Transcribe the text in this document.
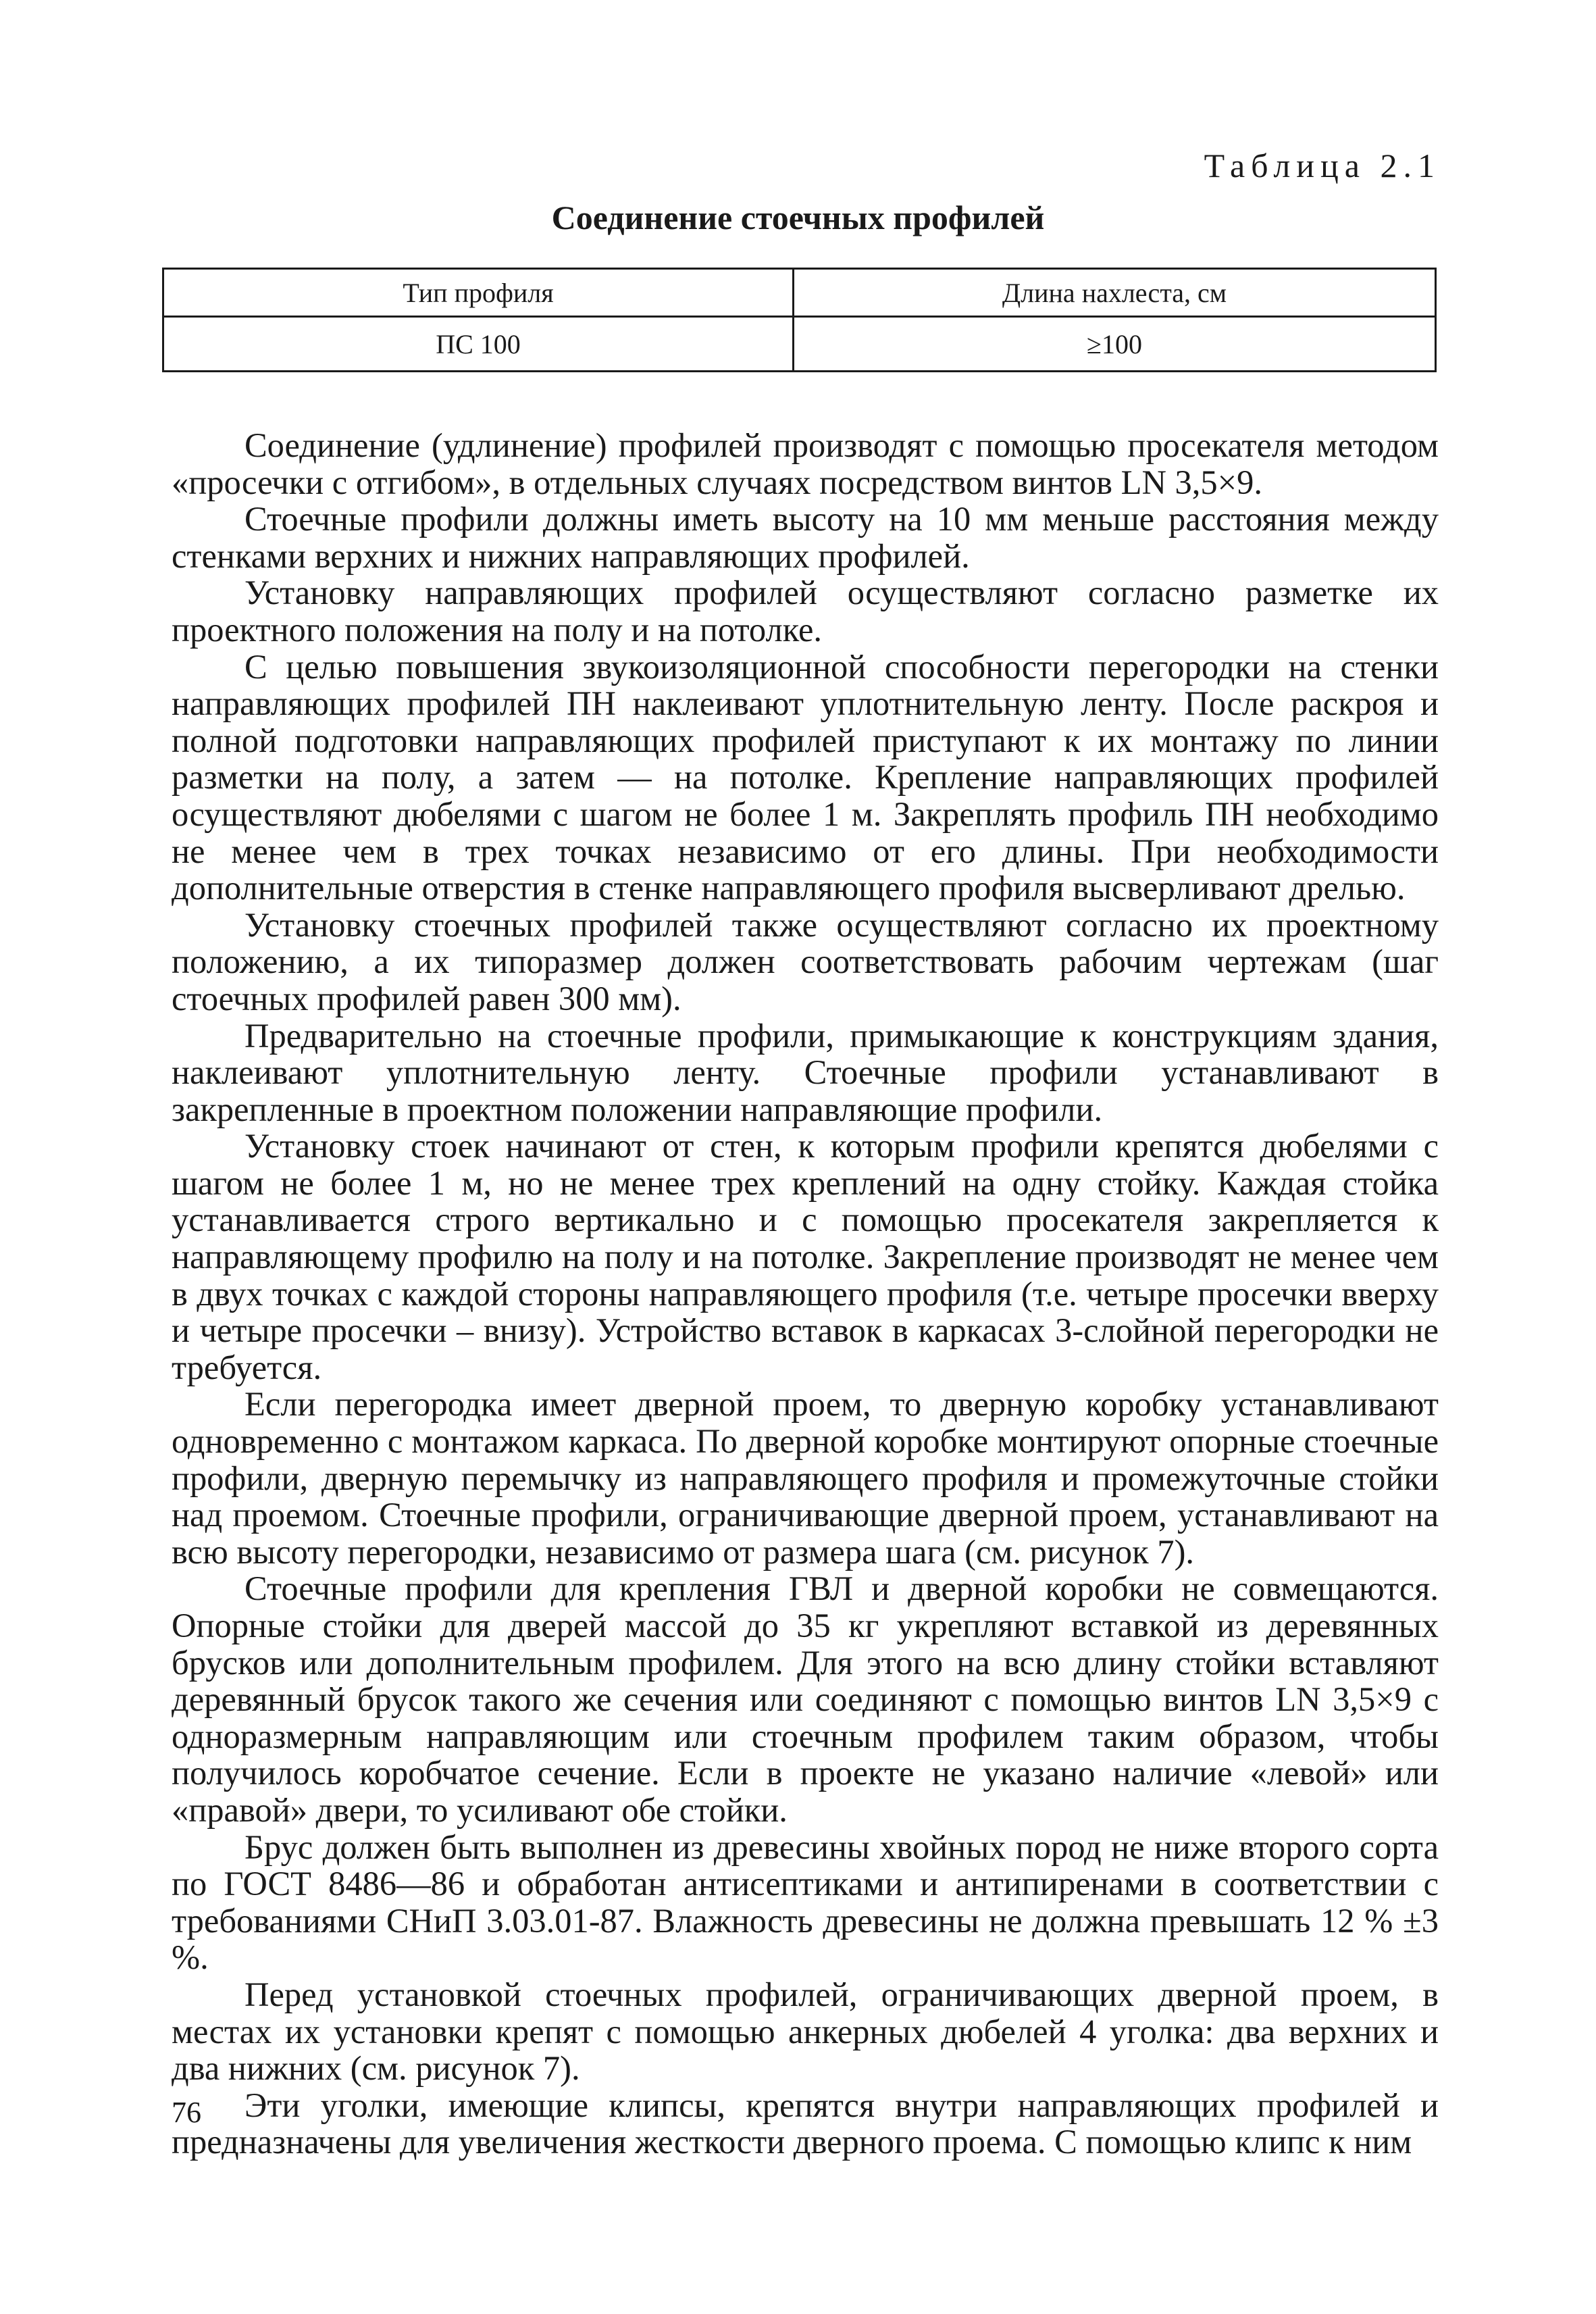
Таблица 2.1
Соединение стоечных профилей
Тип профиля	Длина нахлеста, см
ПС 100	≥100

Соединение (удлинение) профилей производят с помощью просекателя методом «просечки с отгибом», в отдельных случаях посредством винтов LN 3,5×9.

Стоечные профили должны иметь высоту на 10 мм меньше расстояния между стенками верхних и нижних направляющих профилей.

Установку направляющих профилей осуществляют согласно разметке их проектного положения на полу и на потолке.

С целью повышения звукоизоляционной способности перегородки на стенки направляющих профилей ПН наклеивают уплотнительную ленту. После раскроя и полной подготовки направляющих профилей приступают к их монтажу по линии разметки на полу, а затем — на потолке. Крепление направляющих профилей осуществляют дюбелями с шагом не более 1 м. Закреплять профиль ПН необходимо не менее чем в трех точках независимо от его длины. При необходимости дополнительные отверстия в стенке направляющего профиля высверливают дрелью.

Установку стоечных профилей также осуществляют согласно их проектному положению, а их типоразмер должен соответствовать рабочим чертежам (шаг стоечных профилей равен 300 мм).

Предварительно на стоечные профили, примыкающие к конструкциям здания, наклеивают уплотнительную ленту. Стоечные профили устанавливают в закрепленные в проектном положении направляющие профили.

Установку стоек начинают от стен, к которым профили крепятся дюбелями с шагом не более 1 м, но не менее трех креплений на одну стойку. Каждая стойка устанавливается строго вертикально и с помощью просекателя закрепляется к направляющему профилю на полу и на потолке. Закрепление производят не менее чем в двух точках с каждой стороны направляющего профиля (т.е. четыре просечки вверху и четыре просечки – внизу). Устройство вставок в каркасах 3-слойной перегородки не требуется.

Если перегородка имеет дверной проем, то дверную коробку устанавливают одновременно с монтажом каркаса. По дверной коробке монтируют опорные стоечные профили, дверную перемычку из направляющего профиля и промежуточные стойки над проемом. Стоечные профили, ограничивающие дверной проем, устанавливают на всю высоту перегородки, независимо от размера шага (см. рисунок 7).

Стоечные профили для крепления ГВЛ и дверной коробки не совмещаются. Опорные стойки для дверей массой до 35 кг укрепляют вставкой из деревянных брусков или дополнительным профилем. Для этого на всю длину стойки вставляют деревянный брусок такого же сечения или соединяют с помощью винтов LN 3,5×9 с одноразмерным направляющим или стоечным профилем таким образом, чтобы получилось коробчатое сечение. Если в проекте не указано наличие «левой» или «правой» двери, то усиливают обе стойки.

Брус должен быть выполнен из древесины хвойных пород не ниже второго сорта по ГОСТ 8486—86 и обработан антисептиками и антипиренами в соответствии с требованиями СНиП 3.03.01-87. Влажность древесины не должна превышать 12 % ±3 %.

Перед установкой стоечных профилей, ограничивающих дверной проем, в местах их установки крепят с помощью анкерных дюбелей 4 уголка: два верхних и два нижних (см. рисунок 7).

Эти уголки, имеющие клипсы, крепятся внутри направляющих профилей и предназначены для увеличения жесткости дверного проема. С помощью клипс к ним

76
